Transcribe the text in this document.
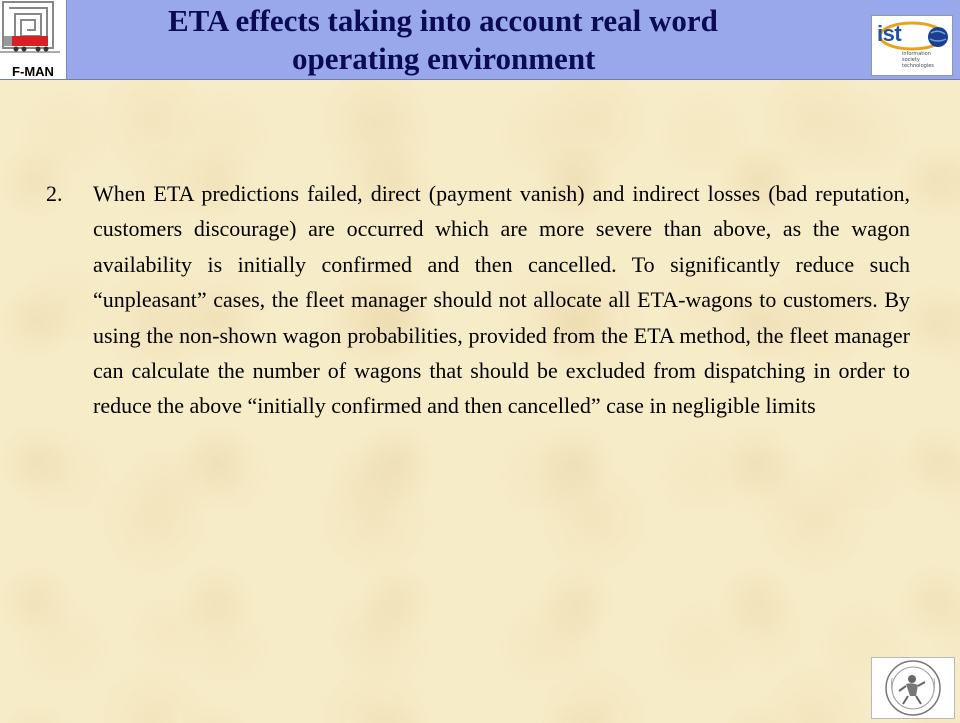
F-MAN
ETA effects taking into account real word
operating environment
ist
information society technologies
2.	When ETA predictions failed, direct (payment vanish) and indirect losses (bad reputation, customers discourage) are occurred which are more severe than above, as the wagon availability is initially confirmed and then cancelled. To significantly reduce such “unpleasant” cases, the fleet manager should not allocate all ETA-wagons to customers. By using the non-shown wagon probabilities, provided from the ETA method, the fleet manager can calculate the number of wagons that should be excluded from dispatching in order to reduce the above “initially confirmed and then cancelled” case in negligible limits
